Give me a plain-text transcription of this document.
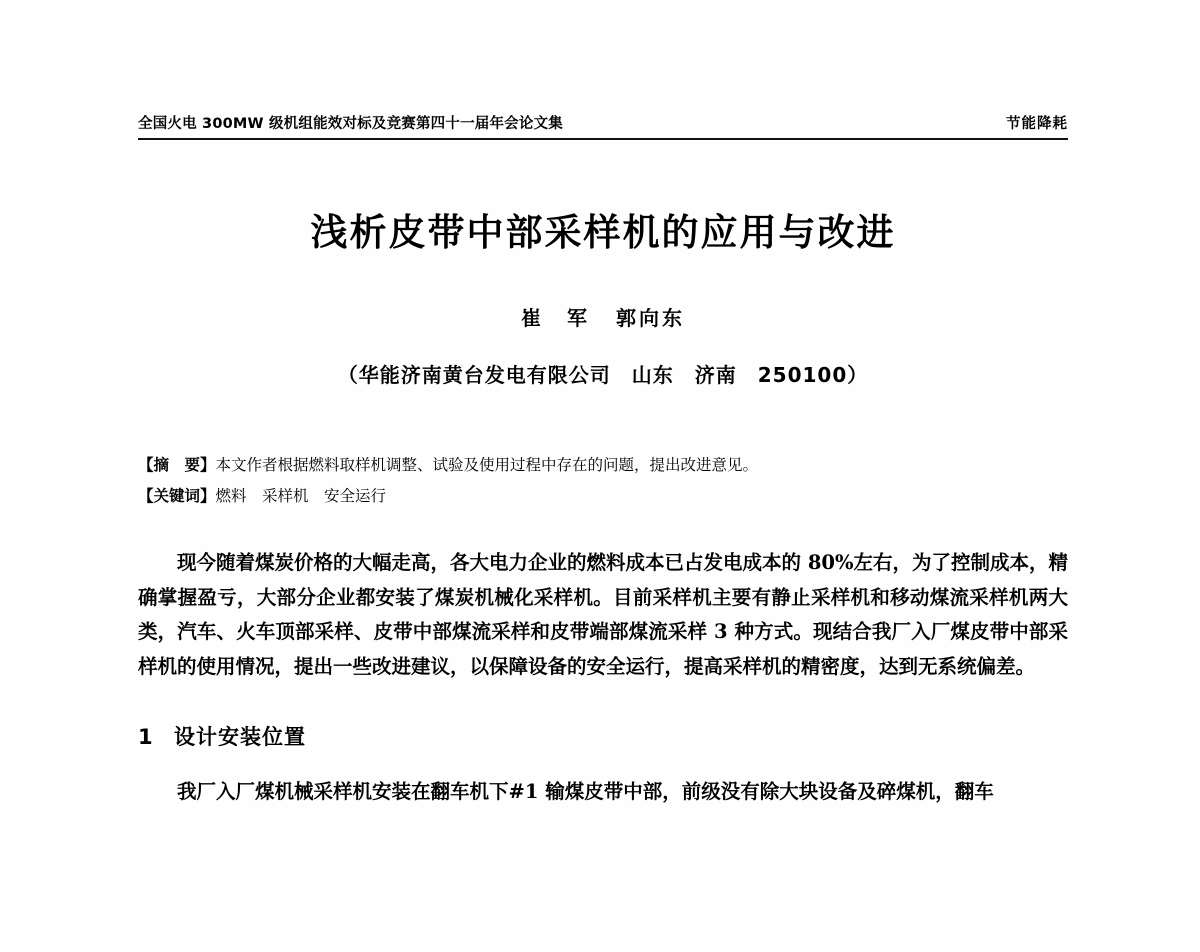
全国火电 300MW 级机组能效对标及竞赛第四十一届年会论文集	节能降耗
浅析皮带中部采样机的应用与改进
崔　军 郭向东
（华能济南黄台发电有限公司　山东　济南　250100）
【摘　要】本文作者根据燃料取样机调整、试验及使用过程中存在的问题，提出改进意见。
【关键词】燃料　采样机　安全运行

现今随着煤炭价格的大幅走高，各大电力企业的燃料成本已占发电成本的 80%左右，为了控制成本，精确掌握盈亏，大部分企业都安装了煤炭机械化采样机。目前采样机主要有静止采样机和移动煤流采样机两大类，汽车、火车顶部采样、皮带中部煤流采样和皮带端部煤流采样 3 种方式。现结合我厂入厂煤皮带中部采样机的使用情况，提出一些改进建议，以保障设备的安全运行，提高采样机的精密度，达到无系统偏差。

1 设计安装位置

我厂入厂煤机械采样机安装在翻车机下#1 输煤皮带中部，前级没有除大块设备及碎煤机，翻车
